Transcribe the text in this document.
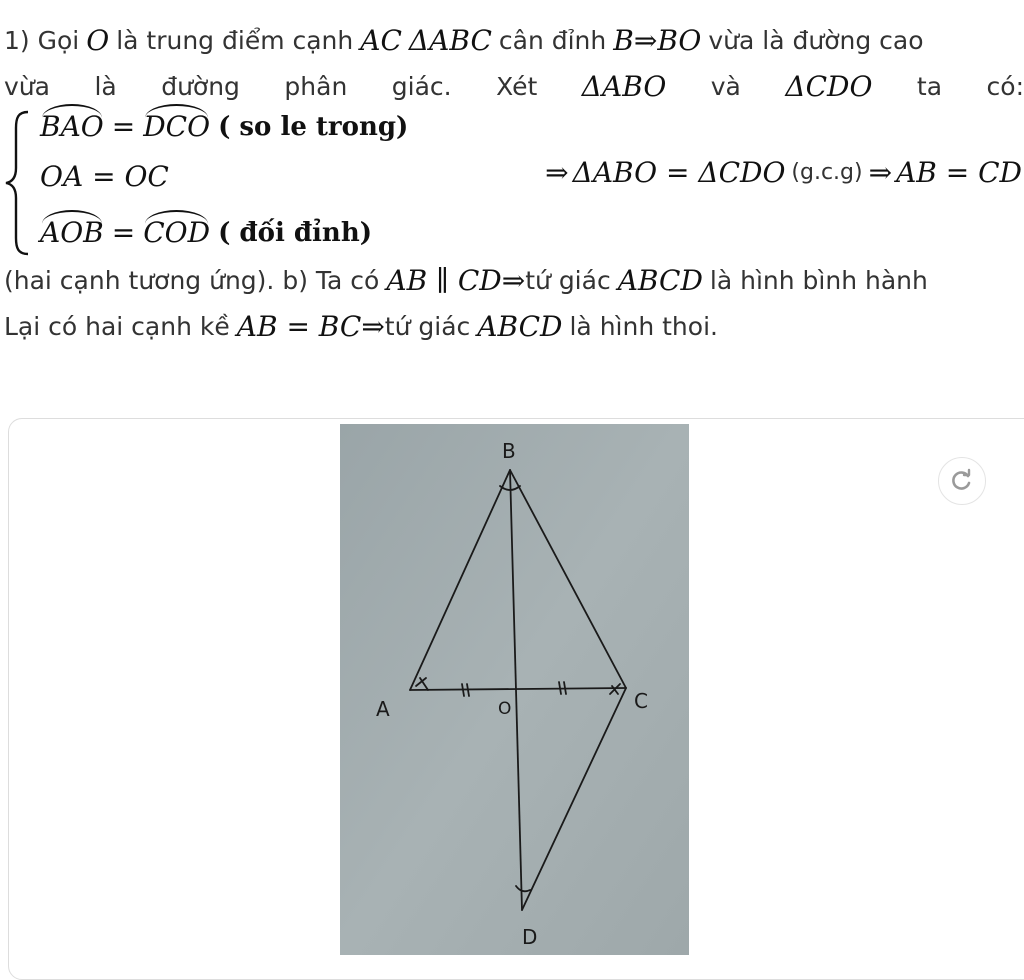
1) Gọi O là trung điểm cạnh AC ΔABC cân đỉnh B ⇒ BO vừa là đường cao
vừa là đường phân giác. Xét ΔABO và ΔCDO ta có:
BAO = DCO ( so le trong)
OA = OC
AOB = COD ( đối đỉnh)
⇒ ΔABO = ΔCDO (g.c.g) ⇒ AB = CD
(hai cạnh tương ứng). b) Ta có AB ∥ CD ⇒ tứ giác ABCD là hình bình hành
Lại có hai cạnh kề AB = BC ⇒ tứ giác ABCD là hình thoi.
B
A	O	C
D
